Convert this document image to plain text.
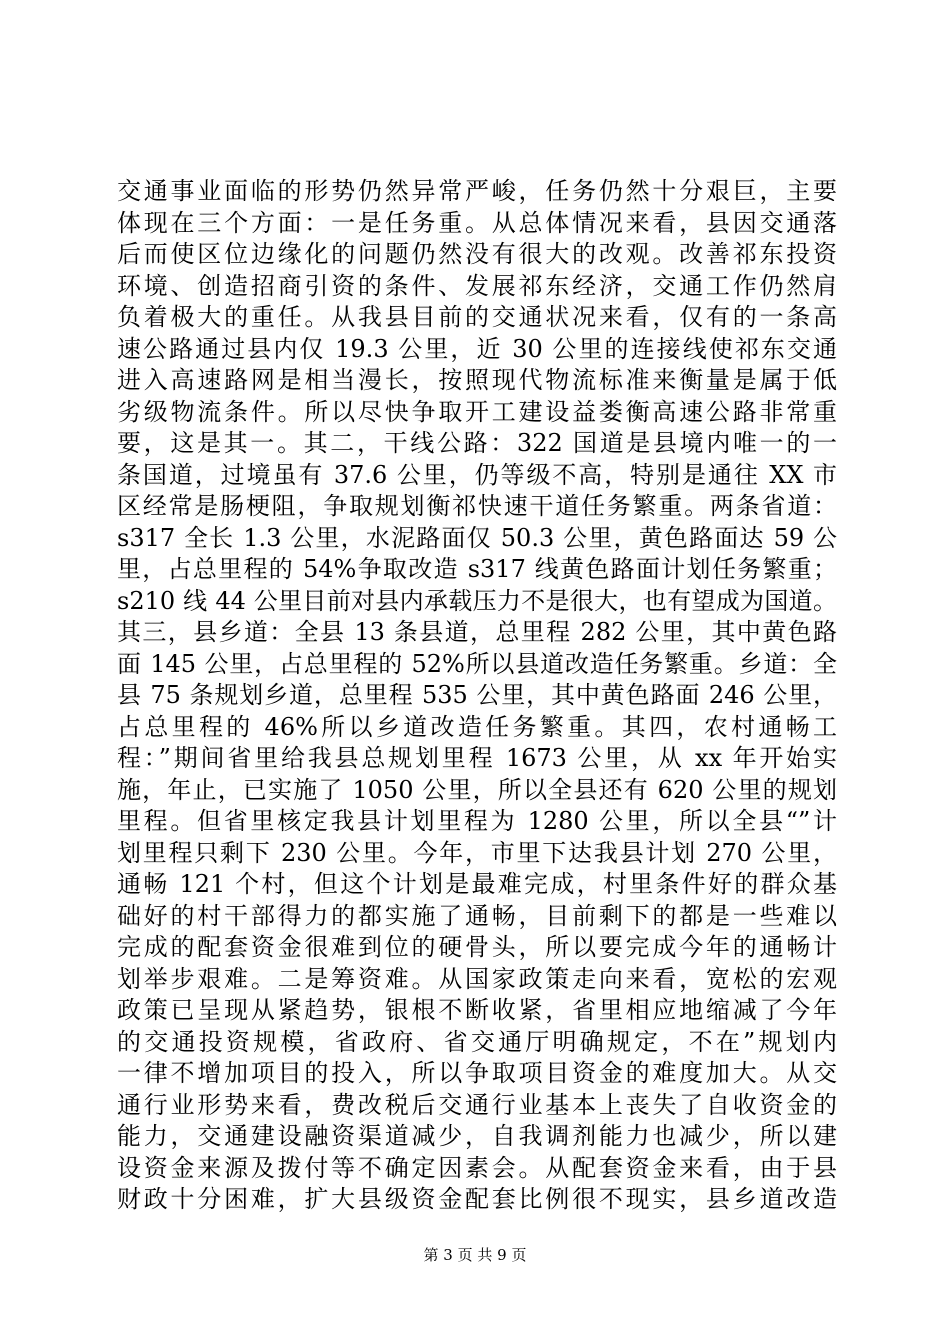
交通事业面临的形势仍然异常严峻，任务仍然十分艰巨，主要
体现在三个方面：一是任务重。从总体情况来看，县因交通落
后而使区位边缘化的问题仍然没有很大的改观。改善祁东投资
环境、创造招商引资的条件、发展祁东经济，交通工作仍然肩
负着极大的重任。从我县目前的交通状况来看，仅有的一条高
速公路通过县内仅 19.3 公里，近 30 公里的连接线使祁东交通
进入高速路网是相当漫长，按照现代物流标准来衡量是属于低
劣级物流条件。所以尽快争取开工建设益娄衡高速公路非常重
要，这是其一。其二，干线公路：322 国道是县境内唯一的一
条国道，过境虽有 37.6 公里，仍等级不高，特别是通往 XX 市
区经常是肠梗阻，争取规划衡祁快速干道任务繁重。两条省道：
s317 全长 1.3 公里，水泥路面仅 50.3 公里，黄色路面达 59 公
里，占总里程的 54%争取改造 s317 线黄色路面计划任务繁重；
s210 线 44 公里目前对县内承载压力不是很大，也有望成为国道。
其三，县乡道：全县 13 条县道，总里程 282 公里，其中黄色路
面 145 公里，占总里程的 52%所以县道改造任务繁重。乡道：全
县 75 条规划乡道，总里程 535 公里，其中黄色路面 246 公里，
占总里程的 46%所以乡道改造任务繁重。其四，农村通畅工
程：”期间省里给我县总规划里程 1673 公里，从 xx 年开始实
施，年止，已实施了 1050 公里，所以全县还有 620 公里的规划
里程。但省里核定我县计划里程为 1280 公里，所以全县“”计
划里程只剩下 230 公里。今年，市里下达我县计划 270 公里，
通畅 121 个村，但这个计划是最难完成，村里条件好的群众基
础好的村干部得力的都实施了通畅，目前剩下的都是一些难以
完成的配套资金很难到位的硬骨头，所以要完成今年的通畅计
划举步艰难。二是筹资难。从国家政策走向来看，宽松的宏观
政策已呈现从紧趋势，银根不断收紧，省里相应地缩减了今年
的交通投资规模，省政府、省交通厅明确规定，不在”规划内
一律不增加项目的投入，所以争取项目资金的难度加大。从交
通行业形势来看，费改税后交通行业基本上丧失了自收资金的
能力，交通建设融资渠道减少，自我调剂能力也减少，所以建
设资金来源及拨付等不确定因素会。从配套资金来看，由于县
财政十分困难，扩大县级资金配套比例很不现实，县乡道改造
第 3 页 共 9 页
